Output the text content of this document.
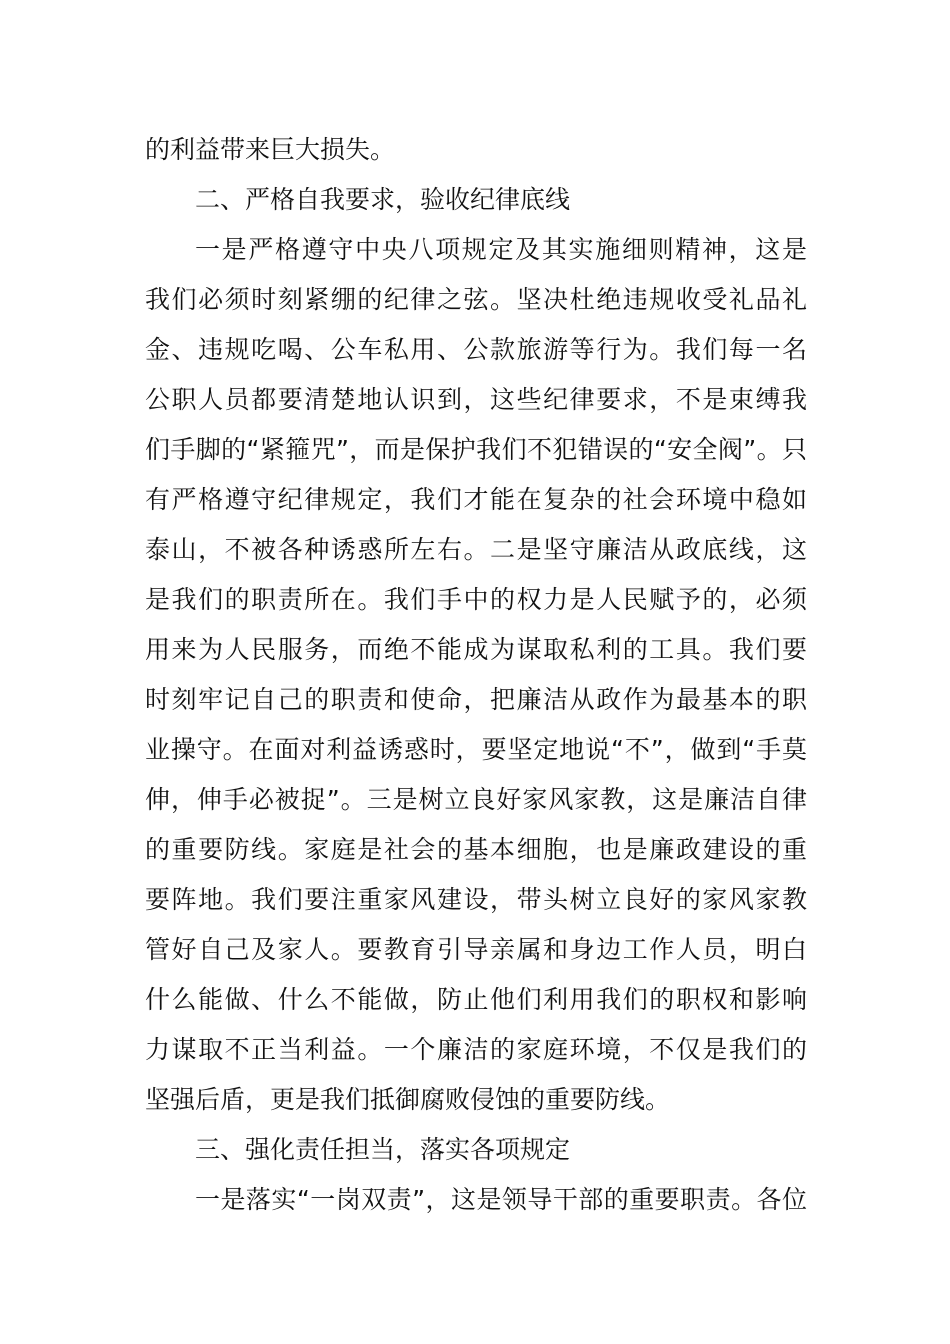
的利益带来巨大损失。
二、严格自我要求，验收纪律底线
一是严格遵守中央八项规定及其实施细则精神，这是
我们必须时刻紧绷的纪律之弦。坚决杜绝违规收受礼品礼
金、违规吃喝、公车私用、公款旅游等行为。我们每一名
公职人员都要清楚地认识到，这些纪律要求，不是束缚我
们手脚的“紧箍咒”，而是保护我们不犯错误的“安全阀”。只
有严格遵守纪律规定，我们才能在复杂的社会环境中稳如
泰山，不被各种诱惑所左右。二是坚守廉洁从政底线，这
是我们的职责所在。我们手中的权力是人民赋予的，必须
用来为人民服务，而绝不能成为谋取私利的工具。我们要
时刻牢记自己的职责和使命，把廉洁从政作为最基本的职
业操守。在面对利益诱惑时，要坚定地说“不”，做到“手莫
伸，伸手必被捉”。三是树立良好家风家教，这是廉洁自律
的重要防线。家庭是社会的基本细胞，也是廉政建设的重
要阵地。我们要注重家风建设，带头树立良好的家风家教
管好自己及家人。要教育引导亲属和身边工作人员，明白
什么能做、什么不能做，防止他们利用我们的职权和影响
力谋取不正当利益。一个廉洁的家庭环境，不仅是我们的
坚强后盾，更是我们抵御腐败侵蚀的重要防线。
三、强化责任担当，落实各项规定
一是落实“一岗双责”，这是领导干部的重要职责。各位
